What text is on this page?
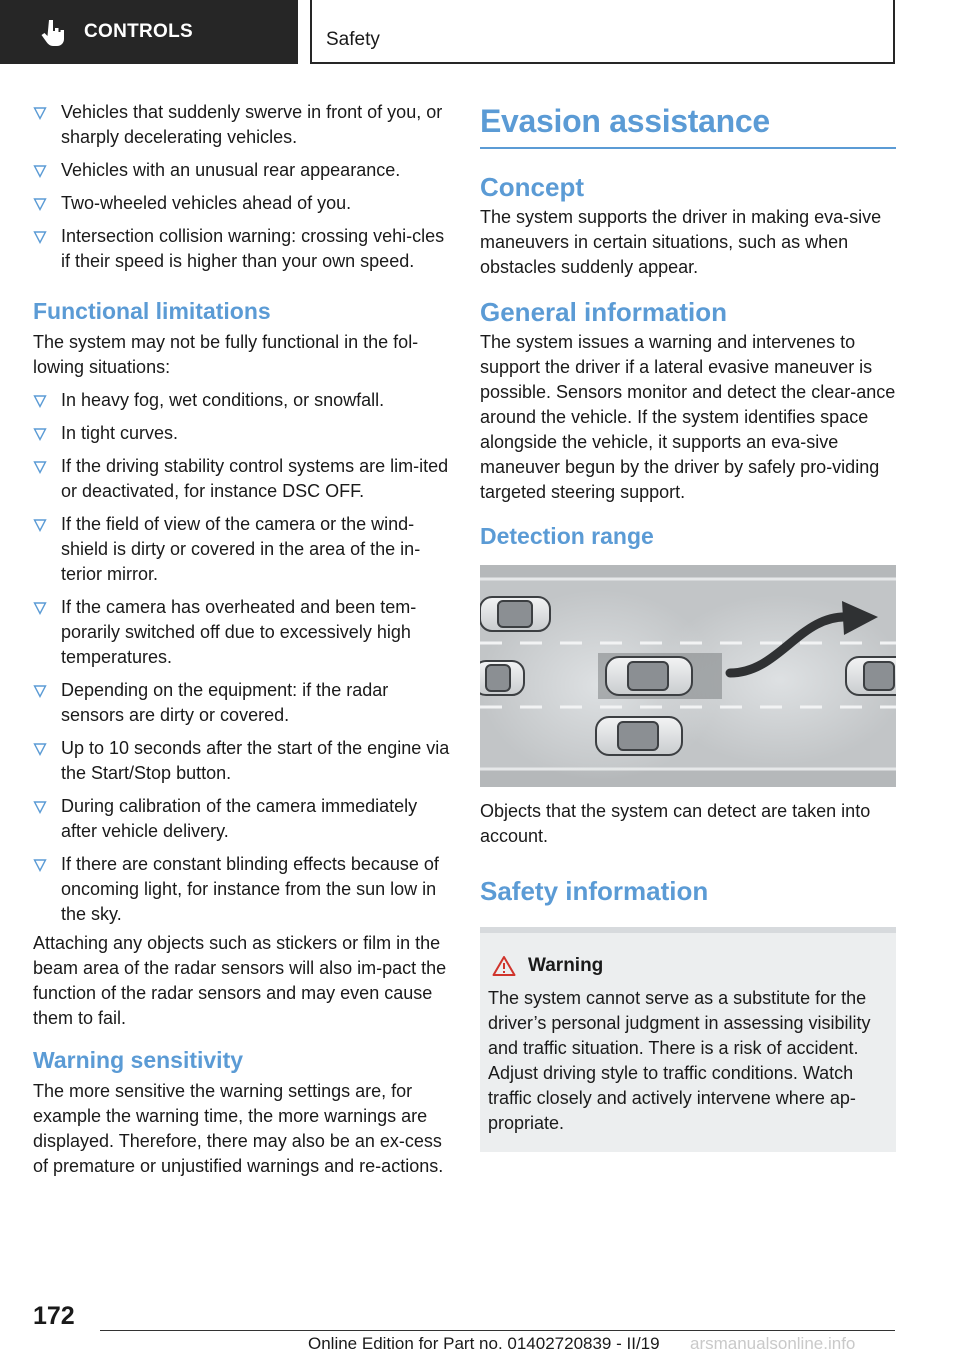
CONTROLS	Safety
Vehicles that suddenly swerve in front of you, or sharply decelerating vehicles.
Vehicles with an unusual rear appearance.
Two-wheeled vehicles ahead of you.
Intersection collision warning: crossing vehi-cles if their speed is higher than your own speed.
Functional limitations

The system may not be fully functional in the fol-lowing situations:

In heavy fog, wet conditions, or snowfall.
In tight curves.
If the driving stability control systems are lim-ited or deactivated, for instance DSC OFF.
If the field of view of the camera or the wind-shield is dirty or covered in the area of the in-terior mirror.
If the camera has overheated and been tem-porarily switched off due to excessively high temperatures.
Depending on the equipment: if the radar sensors are dirty or covered.
Up to 10 seconds after the start of the engine via the Start/Stop button.
During calibration of the camera immediately after vehicle delivery.
If there are constant blinding effects because of oncoming light, for instance from the sun low in the sky.

Attaching any objects such as stickers or film in the beam area of the radar sensors will also im-pact the function of the radar sensors and may even cause them to fail.

Warning sensitivity

The more sensitive the warning settings are, for example the warning time, the more warnings are displayed. Therefore, there may also be an ex-cess of premature or unjustified warnings and re-actions.

Evasion assistance
Concept

The system supports the driver in making eva-sive maneuvers in certain situations, such as when obstacles suddenly appear.

General information

The system issues a warning and intervenes to support the driver if a lateral evasive maneuver is possible. Sensors monitor and detect the clear-ance around the vehicle. If the system identifies space alongside the vehicle, it supports an eva-sive maneuver begun by the driver by safely pro-viding targeted steering support.

Detection range

Objects that the system can detect are taken into account.

Safety information
Warning

The system cannot serve as a substitute for the driver’s personal judgment in assessing visibility and traffic situation. There is a risk of accident. Adjust driving style to traffic conditions. Watch traffic closely and actively intervene where ap-propriate.

172
Online Edition for Part no. 01402720839 - II/19 arsmanualsonline.info
